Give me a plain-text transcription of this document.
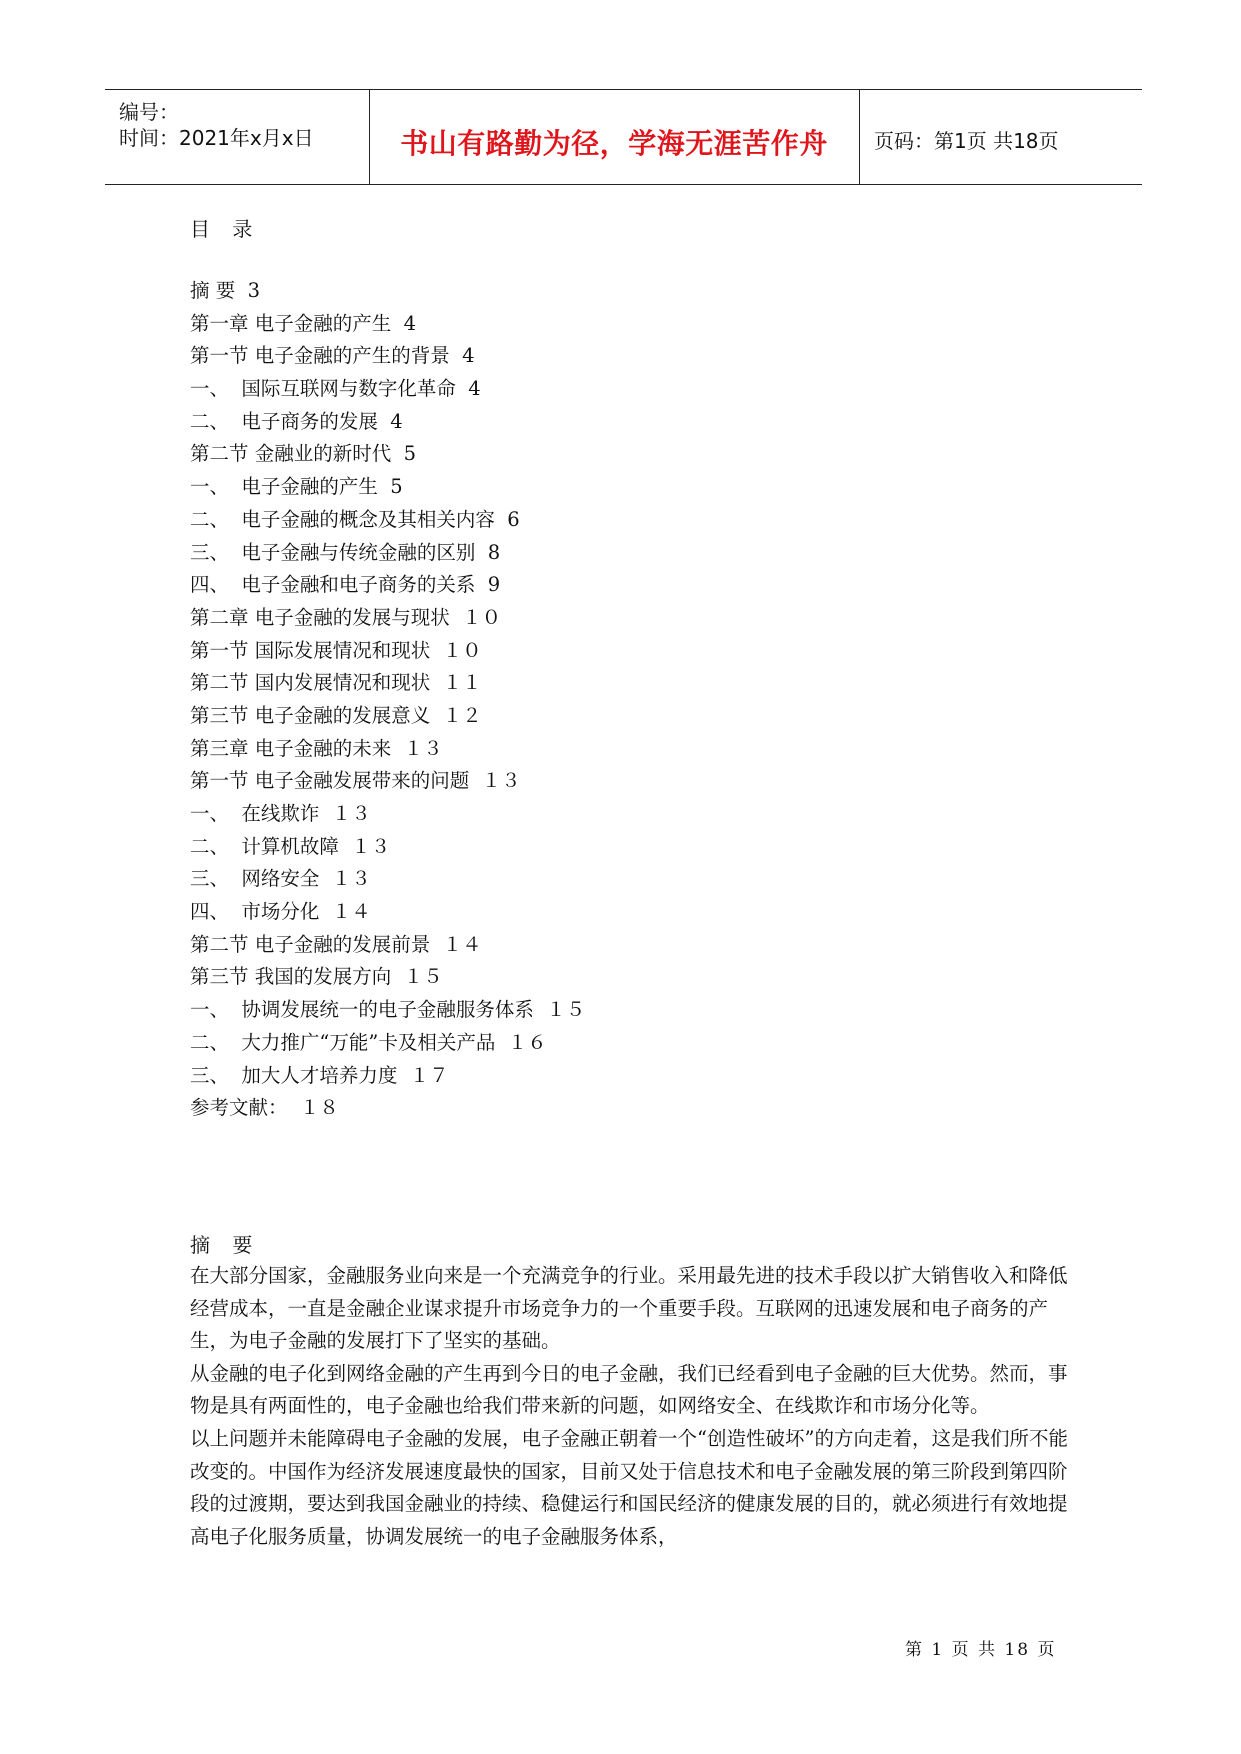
编号：
时间：2021年x月x日	书山有路勤为径，学海无涯苦作舟	页码：第1页 共18页
目 录
摘 要  3
第一章 电子金融的产生  4
第一节 电子金融的产生的背景  4
一、  国际互联网与数字化革命  4
二、  电子商务的发展  4
第二节 金融业的新时代  5
一、  电子金融的产生  5
二、  电子金融的概念及其相关内容  6
三、  电子金融与传统金融的区别  8
四、  电子金融和电子商务的关系  9
第二章 电子金融的发展与现状  １０
第一节 国际发展情况和现状  １０
第二节 国内发展情况和现状  １１
第三节 电子金融的发展意义  １２
第三章 电子金融的未来  １３
第一节 电子金融发展带来的问题  １３
一、  在线欺诈  １３
二、  计算机故障  １３
三、  网络安全  １３
四、  市场分化  １４
第二节 电子金融的发展前景  １４
第三节 我国的发展方向  １５
一、  协调发展统一的电子金融服务体系  １５
二、  大力推广“万能”卡及相关产品  １６
三、  加大人才培养力度  １７
参考文献：  １８
摘 要

在大部分国家，金融服务业向来是一个充满竞争的行业。采用最先进的技术手段以扩大销售收入和降低经营成本，一直是金融企业谋求提升市场竞争力的一个重要手段。互联网的迅速发展和电子商务的产生，为电子金融的发展打下了坚实的基础。

从金融的电子化到网络金融的产生再到今日的电子金融，我们已经看到电子金融的巨大优势。然而，事物是具有两面性的，电子金融也给我们带来新的问题，如网络安全、在线欺诈和市场分化等。

以上问题并未能障碍电子金融的发展，电子金融正朝着一个“创造性破坏”的方向走着，这是我们所不能改变的。中国作为经济发展速度最快的国家，目前又处于信息技术和电子金融发展的第三阶段到第四阶段的过渡期，要达到我国金融业的持续、稳健运行和国民经济的健康发展的目的，就必须进行有效地提高电子化服务质量，协调发展统一的电子金融服务体系，

第 1 页 共 18 页
